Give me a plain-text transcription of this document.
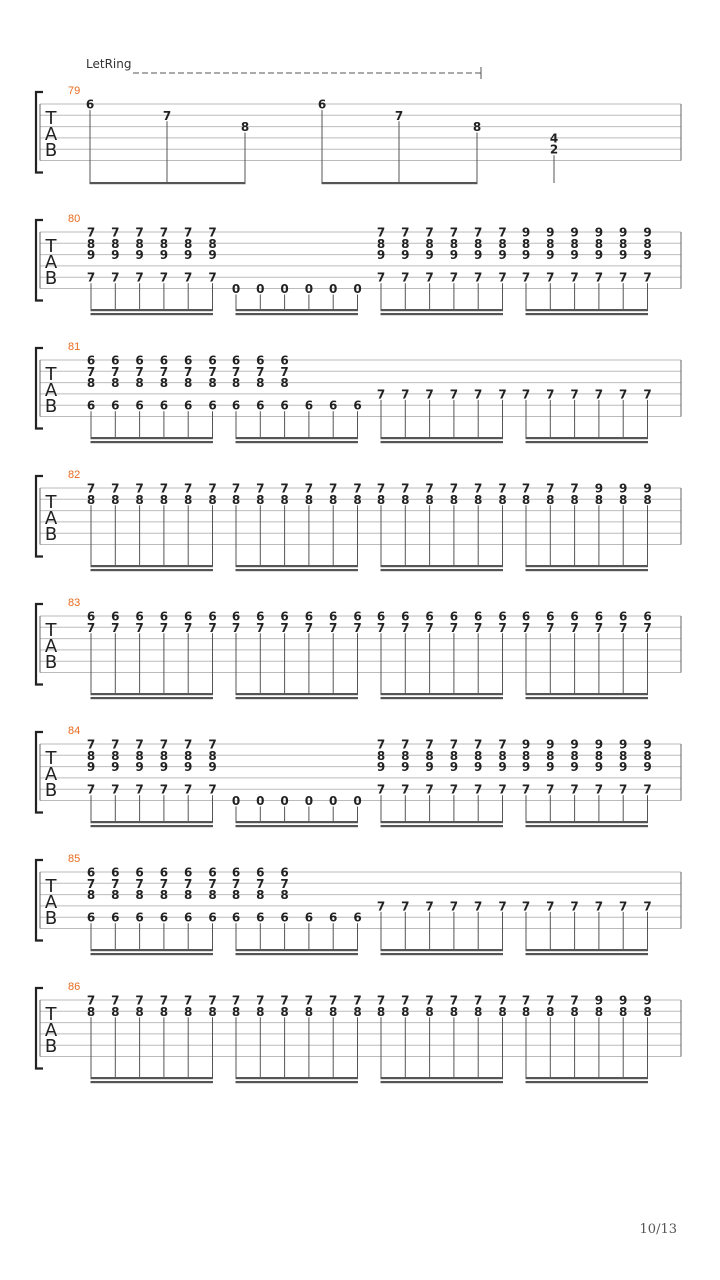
T
A
B
79
6
7
8
6
7
8
4
2
LetRing
T
A
B
80
7
8
9
7
7
8
9
7
7
8
9
7
7
8
9
7
7
8
9
7
7
8
9
7
0 0 0 0 0 0
7
8
9
7
7
8
9
7
7
8
9
7
7
8
9
7
7
8
9
7
7
8
9
7
9
8
9
7
9
8
9
7
9
8
9
7
9
8
9
7
9
8
9
7
9
8
9
7
T
A
B
81
6
7
8
6
6
7
8
6
6
7
8
6
6
7
8
6
6
7
8
6
6
7
8
6
6
7
8
6
6
7
8
6
6
7
8
6 6 6 6
7 7 7 7 7 7 7 7 7 7 7 7
T
A
B
82
7
8
7
8
7
8
7
8
7
8
7
8
7
8
7
8
7
8
7
8
7
8
7
8
7
8
7
8
7
8
7
8
7
8
7
8
7
8
7
8
7
8
9
8
9
8
9
8
T
A
B
83
6
7
6
7
6
7
6
7
6
7
6
7
6
7
6
7
6
7
6
7
6
7
6
7
6
7
6
7
6
7
6
7
6
7
6
7
6
7
6
7
6
7
6
7
6
7
6
7
T
A
B
84
7
8
9
7
7
8
9
7
7
8
9
7
7
8
9
7
7
8
9
7
7
8
9
7
0 0 0 0 0 0
7
8
9
7
7
8
9
7
7
8
9
7
7
8
9
7
7
8
9
7
7
8
9
7
9
8
9
7
9
8
9
7
9
8
9
7
9
8
9
7
9
8
9
7
9
8
9
7
T
A
B
85
6
7
8
6
6
7
8
6
6
7
8
6
6
7
8
6
6
7
8
6
6
7
8
6
6
7
8
6
6
7
8
6
6
7
8
6 6 6 6
7 7 7 7 7 7 7 7 7 7 7 7
T
A
B
86
7
8
7
8
7
8
7
8
7
8
7
8
7
8
7
8
7
8
7
8
7
8
7
8
7
8
7
8
7
8
7
8
7
8
7
8
7
8
7
8
7
8
9
8
9
8
9
8
10/13
